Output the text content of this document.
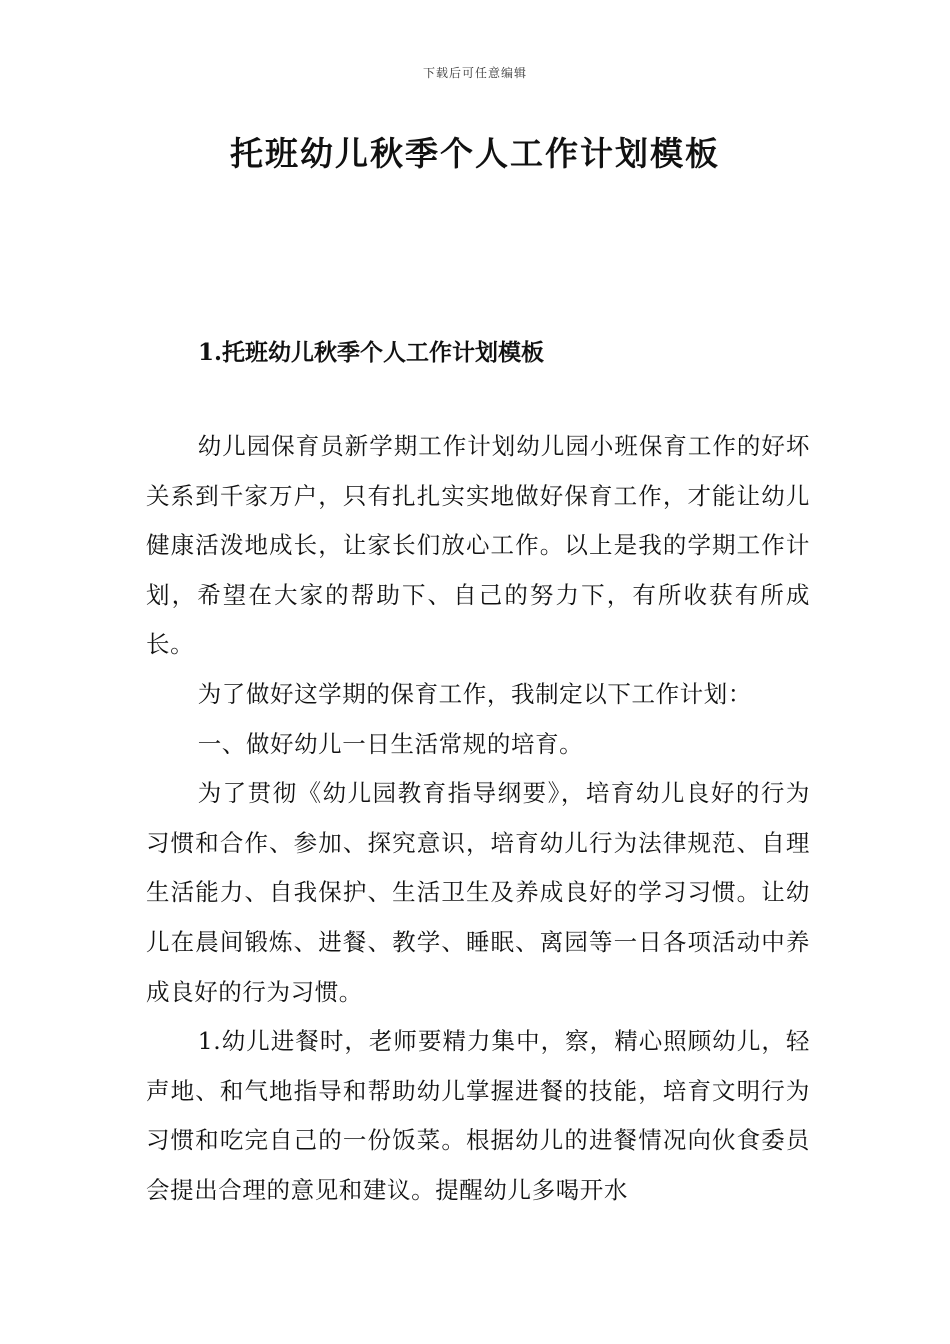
下载后可任意编辑
托班幼儿秋季个人工作计划模板
1.托班幼儿秋季个人工作计划模板

幼儿园保育员新学期工作计划幼儿园小班保育工作的好坏关系到千家万户，只有扎扎实实地做好保育工作，才能让幼儿健康活泼地成长，让家长们放心工作。以上是我的学期工作计划，希望在大家的帮助下、自己的努力下，有所收获有所成长。

为了做好这学期的保育工作，我制定以下工作计划：

一、做好幼儿一日生活常规的培育。

为了贯彻《幼儿园教育指导纲要》，培育幼儿良好的行为习惯和合作、参加、探究意识，培育幼儿行为法律规范、自理生活能力、自我保护、生活卫生及养成良好的学习习惯。让幼儿在晨间锻炼、进餐、教学、睡眠、离园等一日各项活动中养成良好的行为习惯。

1.幼儿进餐时，老师要精力集中，察，精心照顾幼儿，轻声地、和气地指导和帮助幼儿掌握进餐的技能，培育文明行为习惯和吃完自己的一份饭菜。根据幼儿的进餐情况向伙食委员会提出合理的意见和建议。提醒幼儿多喝开水
